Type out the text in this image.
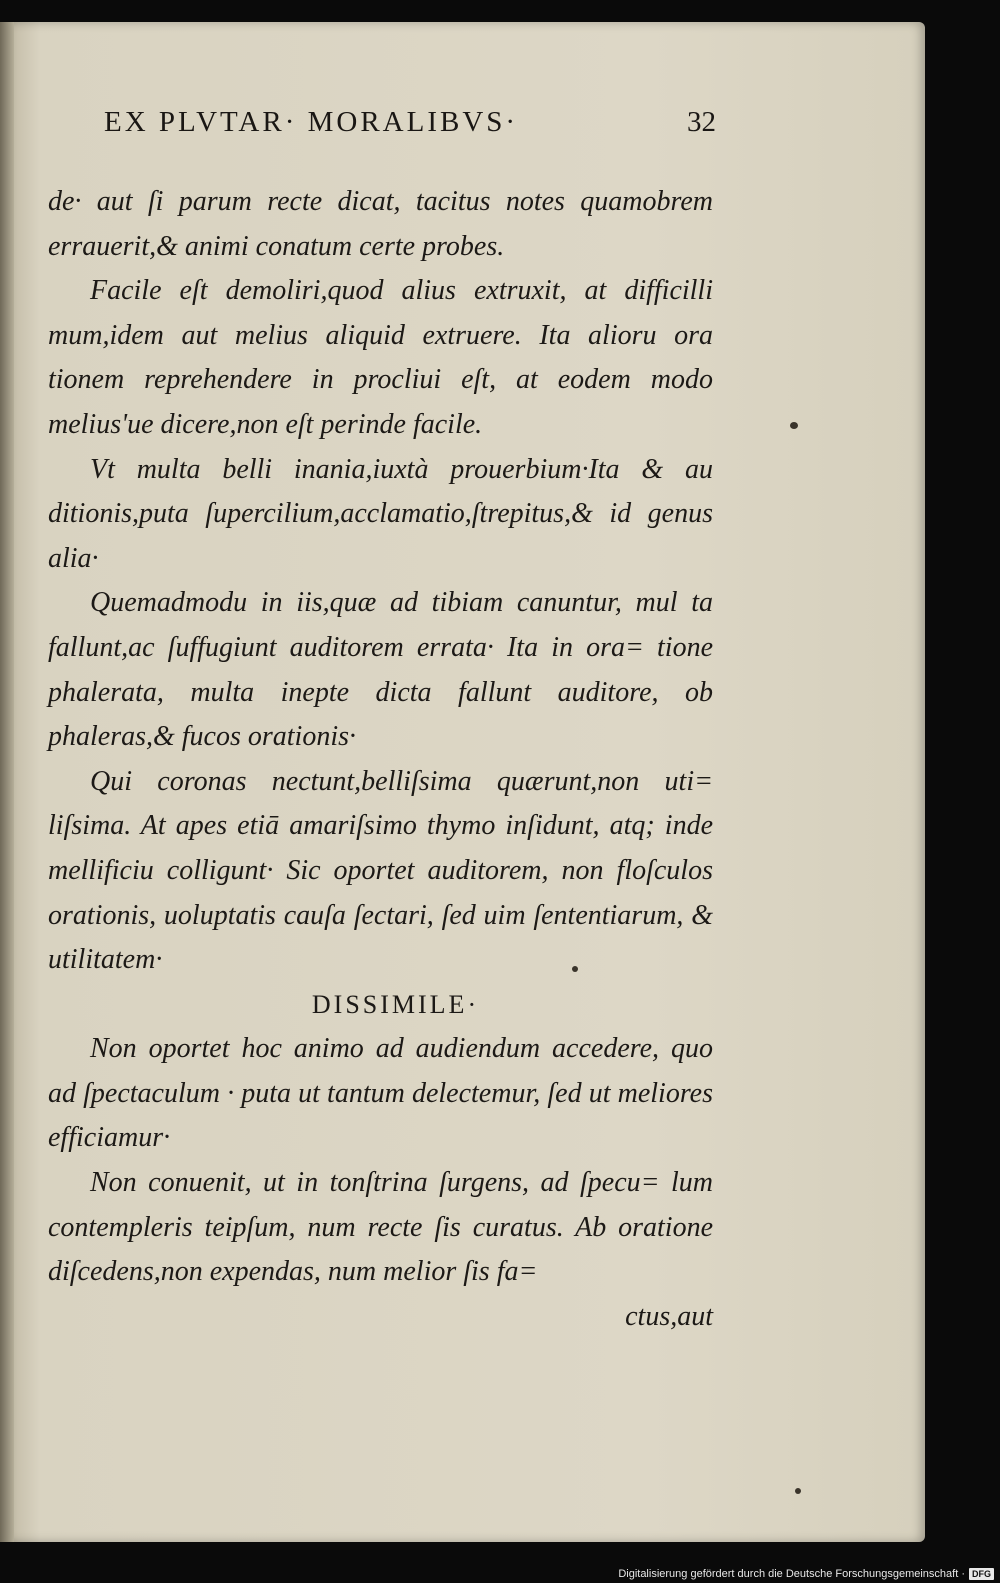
EX PLVTAR· MORALIBVS·	32

de· aut ſi parum recte dicat, tacitus notes quamobrem errauerit,& animi conatum certe probes.

Facile eſt demoliri,quod alius extruxit, at difficilli mum,idem aut melius aliquid extruere. Ita alioru ora tionem reprehendere in procliui eſt, at eodem modo melius'ue dicere,non eſt perinde facile.

Vt multa belli inania,iuxtà prouerbium·Ita & au ditionis,puta ſupercilium,acclamatio,ſtrepitus,& id genus alia·

Quemadmodu in iis,quæ ad tibiam canuntur, mul ta fallunt,ac ſuffugiunt auditorem errata· Ita in ora= tione phalerata, multa inepte dicta fallunt auditore, ob phaleras,& fucos orationis·

Qui coronas nectunt,belliſsima quærunt,non uti= liſsima. At apes etiā amariſsimo thymo inſidunt, atq; inde mellificiu colligunt· Sic oportet auditorem, non floſculos orationis, uoluptatis cauſa ſectari, ſed uim ſententiarum, & utilitatem·

DISSIMILE·

Non oportet hoc animo ad audiendum accedere, quo ad ſpectaculum · puta ut tantum delectemur, ſed ut meliores efficiamur·

Non conuenit, ut in tonſtrina ſurgens, ad ſpecu= lum contempleris teipſum, num recte ſis curatus. Ab oratione diſcedens,non expendas, num melior ſis fa=

ctus,aut

Digitalisierung gefördert durch die Deutsche Forschungsgemeinschaft · DFG
